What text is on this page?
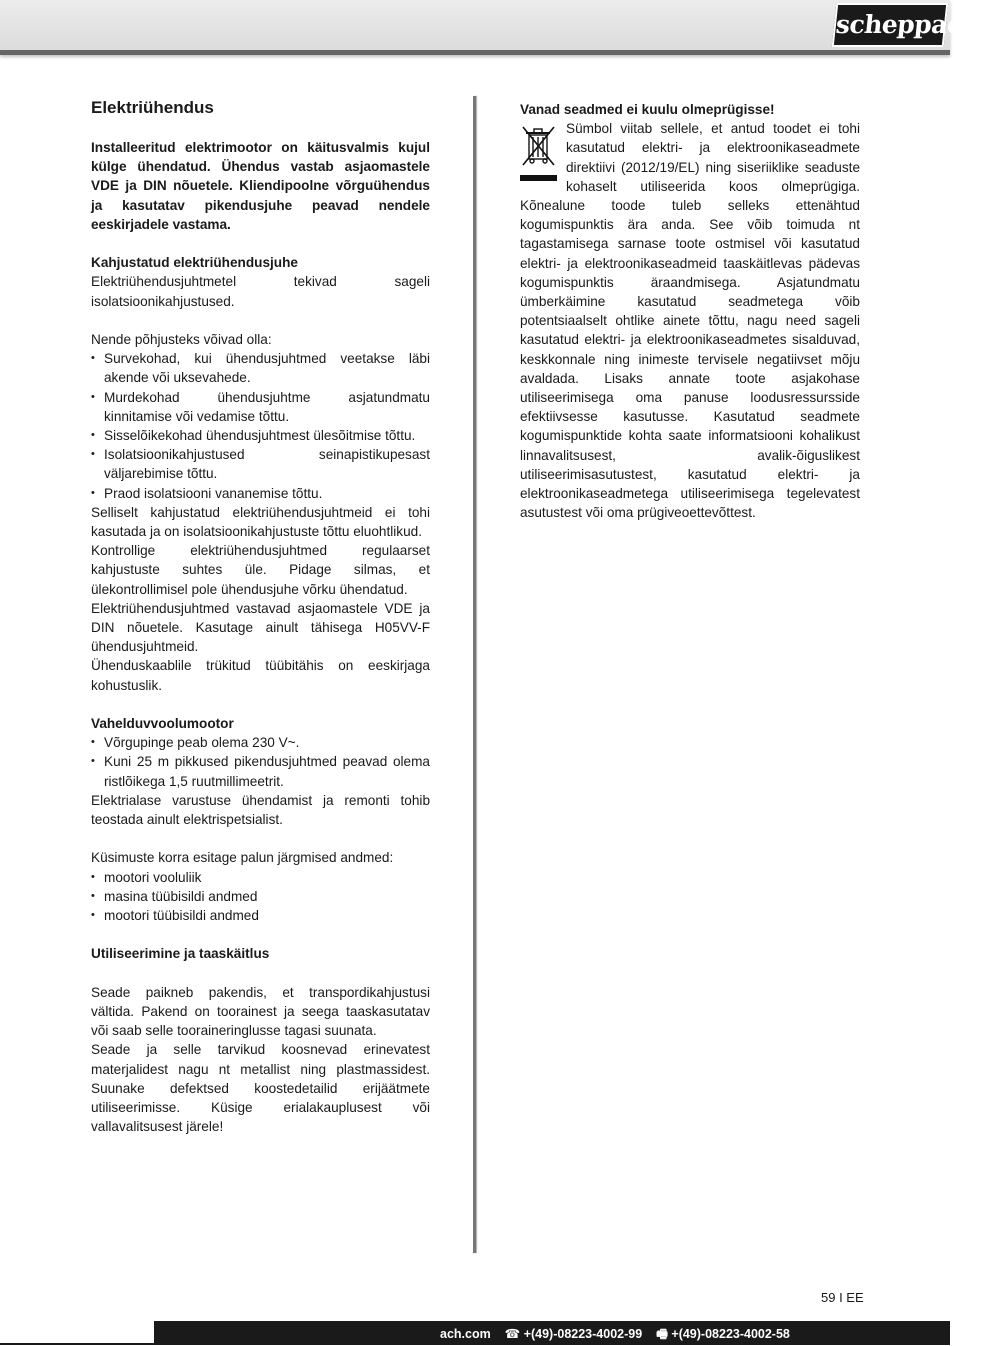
scheppach
Elektriühendus

Installeeritud elektrimootor on käitusvalmis kujul külge ühendatud. Ühendus vastab asjaomastele VDE ja DIN nõuetele. Kliendipoolne võrguühendus ja kasutatav pikendusjuhe peavad nendele eeskirjadele vastama.

Kahjustatud elektriühendusjuhe

Elektriühendusjuhtmetel tekivad sageli isolatsioonikahjustused.

Nende põhjusteks võivad olla:

• Survekohad, kui ühendusjuhtmed veetakse läbi akende või uksevahede.
• Murdekohad ühendusjuhtme asjatundmatu kinnitamise või vedamise tõttu.
• Sisselõikekohad ühendusjuhtmest ülesõitmise tõttu.
• Isolatsioonikahjustused seinapistikupesast väljarebimise tõttu.
• Praod isolatsiooni vananemise tõttu.

Selliselt kahjustatud elektriühendusjuhtmeid ei tohi kasutada ja on isolatsioonikahjustuste tõttu eluohtlikud.

Kontrollige elektriühendusjuhtmed regulaarset kahjustuste suhtes üle. Pidage silmas, et ülekontrollimisel pole ühendusjuhe võrku ühendatud.

Elektriühendusjuhtmed vastavad asjaomastele VDE ja DIN nõuetele. Kasutage ainult tähisega H05VV-F ühendusjuhtmeid.

Ühenduskaablile trükitud tüübitähis on eeskirjaga kohustuslik.

Vahelduvvoolumootor

• Võrgupinge peab olema 230 V~.
• Kuni 25 m pikkused pikendusjuhtmed peavad olema ristlõikega 1,5 ruutmillimeetrit.

Elektrialase varustuse ühendamist ja remonti tohib teostada ainult elektrispetsialist.

Küsimuste korra esitage palun järgmised andmed:

• mootori vooluliik
• masina tüübisildi andmed
• mootori tüübisildi andmed

Utiliseerimine ja taaskäitlus

Seade paikneb pakendis, et transpordikahjustusi vältida. Pakend on toorainest ja seega taaskasutatav või saab selle tooraineringlusse tagasi suunata.

Seade ja selle tarvikud koosnevad erinevatest materjalidest nagu nt metallist ning plastmassidest. Suunake defektsed koostedetailid erijäätmete utiliseerimisse. Küsige erialakauplusest või vallavalitsusest järele!

Vanad seadmed ei kuulu olmeprügisse!

Sümbol viitab sellele, et antud toodet ei tohi kasutatud elektri- ja elektroonikaseadmete direktiivi (2012/19/EL) ning siseriiklike seaduste kohaselt utiliseerida koos olmeprügiga. Kõnealune toode tuleb selleks ettenähtud kogumispunktis ära anda. See võib toimuda nt tagastamisega sarnase toote ostmisel või kasutatud elektri- ja elektroonikaseadmeid taaskäitlevas pädevas kogumispunktis äraandmisega. Asjatundmatu ümberkäimine kasutatud seadmetega võib potentsiaalselt ohtlike ainete tõttu, nagu need sageli kasutatud elektri- ja elektroonikaseadmetes sisalduvad, keskkonnale ning inimeste tervisele negatiivset mõju avaldada. Lisaks annate toote asjakohase utiliseerimisega oma panuse loodusressursside efektiivsesse kasutusse. Kasutatud seadmete kogumispunktide kohta saate informatsiooni kohalikust linnavalitsusest, avalik-õiguslikest utiliseerimisasutustest, kasutatud elektri- ja elektroonikaseadmetega utiliseerimisega tegelevatest asutustest või oma prügiveoettevõttest.

59 I EE
ach.com ☎ +(49)-08223-4002-99 🖷 +(49)-08223-4002-58
